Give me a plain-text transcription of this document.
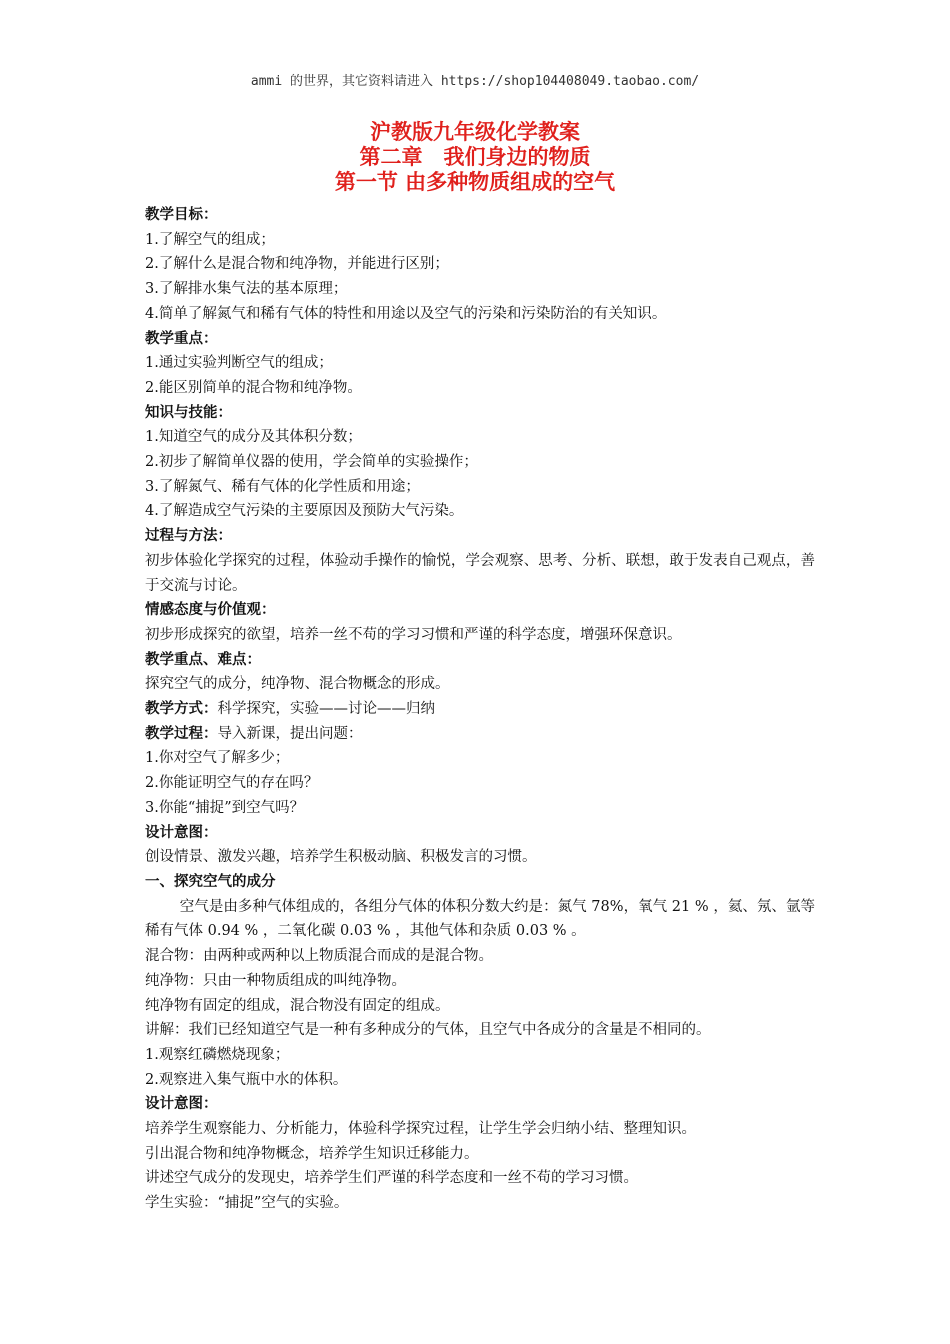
ammi 的世界，其它资料请进入 https://shop104408049.taobao.com/
沪教版九年级化学教案
第二章　我们身边的物质
第一节 由多种物质组成的空气
教学目标：
1.了解空气的组成；
2.了解什么是混合物和纯净物，并能进行区别；
3.了解排水集气法的基本原理；
4.简单了解氮气和稀有气体的特性和用途以及空气的污染和污染防治的有关知识。
教学重点：
1.通过实验判断空气的组成；
2.能区别简单的混合物和纯净物。
知识与技能：
1.知道空气的成分及其体积分数；
2.初步了解简单仪器的使用，学会简单的实验操作；
3.了解氮气、稀有气体的化学性质和用途；
4.了解造成空气污染的主要原因及预防大气污染。
过程与方法：
初步体验化学探究的过程，体验动手操作的愉悦，学会观察、思考、分析、联想，敢于发表自己观点，善于交流与讨论。
情感态度与价值观：
初步形成探究的欲望，培养一丝不苟的学习习惯和严谨的科学态度，增强环保意识。
教学重点、难点：
探究空气的成分，纯净物、混合物概念的形成。
教学方式：科学探究，实验——讨论——归纳
教学过程：导入新课，提出问题：
1.你对空气了解多少；
2.你能证明空气的存在吗？
3.你能“捕捉”到空气吗？
设计意图：
创设情景、激发兴趣，培养学生积极动脑、积极发言的习惯。
一、探究空气的成分
空气是由多种气体组成的，各组分气体的体积分数大约是：氮气 78%，氧气 21 % ，氦、氖、氩等稀有气体 0.94 % ，二氧化碳 0.03 % ，其他气体和杂质 0.03 % 。
混合物：由两种或两种以上物质混合而成的是混合物。
纯净物：只由一种物质组成的叫纯净物。
纯净物有固定的组成，混合物没有固定的组成。
讲解：我们已经知道空气是一种有多种成分的气体，且空气中各成分的含量是不相同的。
1.观察红磷燃烧现象；
2.观察进入集气瓶中水的体积。
设计意图：
培养学生观察能力、分析能力，体验科学探究过程，让学生学会归纳小结、整理知识。
引出混合物和纯净物概念，培养学生知识迁移能力。
讲述空气成分的发现史，培养学生们严谨的科学态度和一丝不苟的学习习惯。
学生实验：“捕捉”空气的实验。
